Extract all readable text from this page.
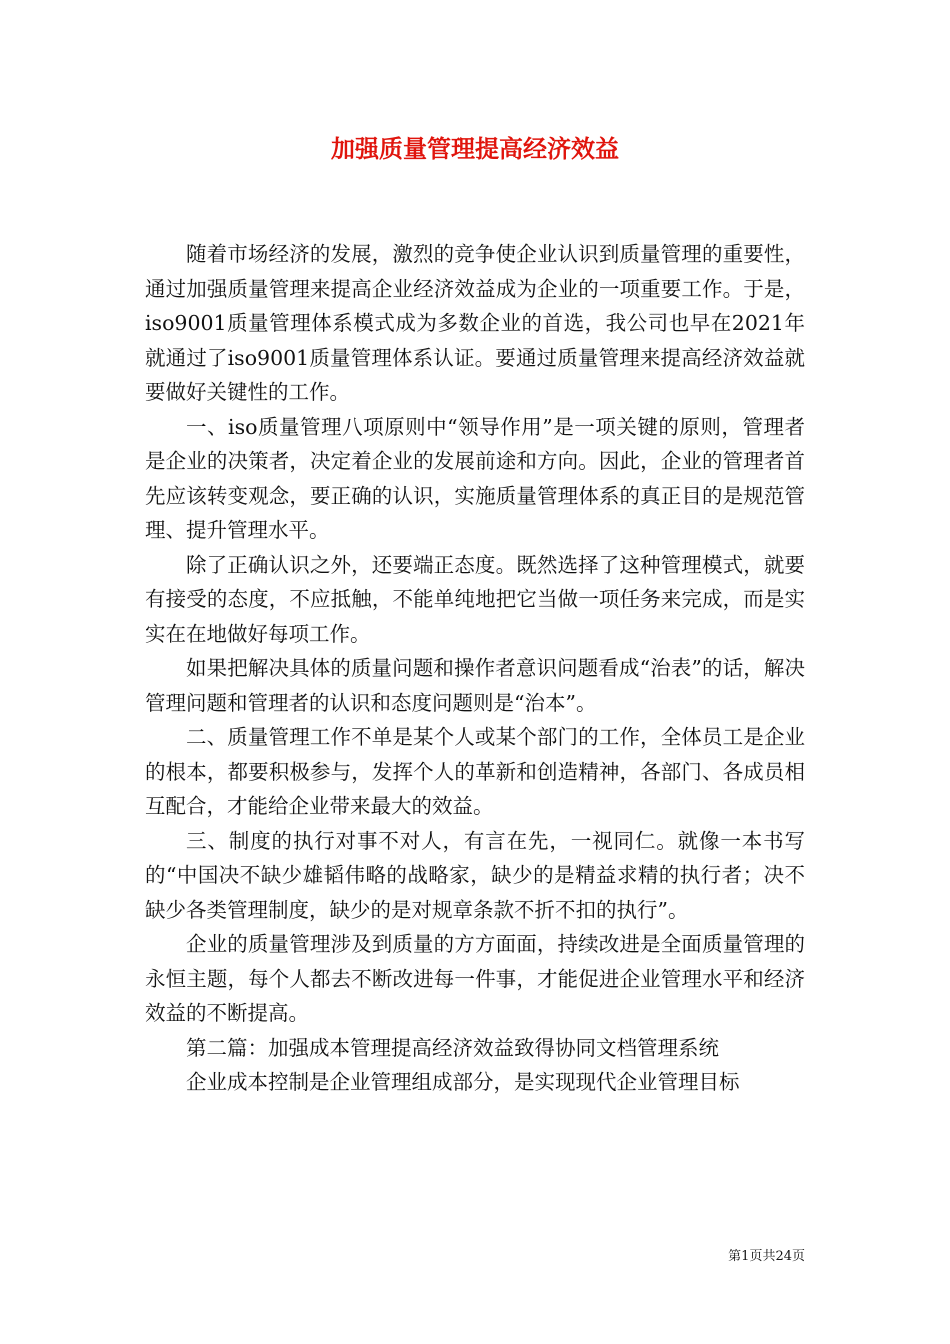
加强质量管理提高经济效益

随着市场经济的发展，激烈的竞争使企业认识到质量管理的重要性，通过加强质量管理来提高企业经济效益成为企业的一项重要工作。于是，iso9001质量管理体系模式成为多数企业的首选，我公司也早在2021年就通过了iso9001质量管理体系认证。要通过质量管理来提高经济效益就要做好关键性的工作。

一、iso质量管理八项原则中“领导作用”是一项关键的原则，管理者是企业的决策者，决定着企业的发展前途和方向。因此，企业的管理者首先应该转变观念，要正确的认识，实施质量管理体系的真正目的是规范管理、提升管理水平。

除了正确认识之外，还要端正态度。既然选择了这种管理模式，就要有接受的态度，不应抵触，不能单纯地把它当做一项任务来完成，而是实实在在地做好每项工作。

如果把解决具体的质量问题和操作者意识问题看成“治表”的话，解决管理问题和管理者的认识和态度问题则是“治本”。

二、质量管理工作不单是某个人或某个部门的工作，全体员工是企业的根本，都要积极参与，发挥个人的革新和创造精神，各部门、各成员相互配合，才能给企业带来最大的效益。

三、制度的执行对事不对人，有言在先，一视同仁。就像一本书写的“中国决不缺少雄韬伟略的战略家，缺少的是精益求精的执行者；决不缺少各类管理制度，缺少的是对规章条款不折不扣的执行”。

企业的质量管理涉及到质量的方方面面，持续改进是全面质量管理的永恒主题，每个人都去不断改进每一件事，才能促进企业管理水平和经济效益的不断提高。

第二篇：加强成本管理提高经济效益致得协同文档管理系统

企业成本控制是企业管理组成部分，是实现现代企业管理目标

第1页共24页
